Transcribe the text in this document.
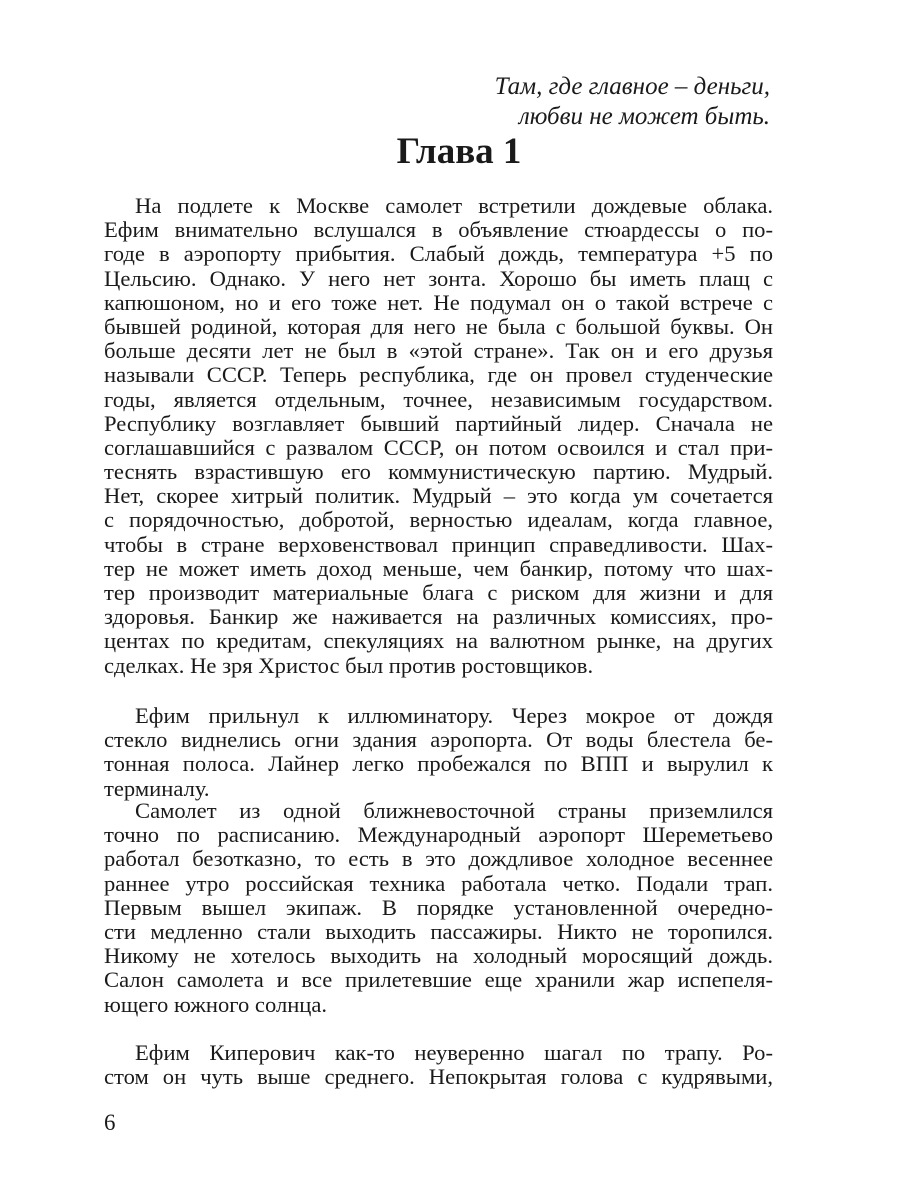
Там, где главное – деньги,
любви не может быть.
Глава 1
На подлете к Москве самолет встретили дождевые облака.
Ефим внимательно вслушался в объявление стюардессы о по-
годе в аэропорту прибытия. Слабый дождь, температура +5 по
Цельсию. Однако. У него нет зонта. Хорошо бы иметь плащ с
капюшоном, но и его тоже нет. Не подумал он о такой встрече с
бывшей родиной, которая для него не была с большой буквы. Он
больше десяти лет не был в «этой стране». Так он и его друзья
называли СССР. Теперь республика, где он провел студенческие
годы, является отдельным, точнее, независимым государством.
Республику возглавляет бывший партийный лидер. Сначала не
соглашавшийся с развалом СССР, он потом освоился и стал при-
теснять взрастившую его коммунистическую партию. Мудрый.
Нет, скорее хитрый политик. Мудрый – это когда ум сочетается
с порядочностью, добротой, верностью идеалам, когда главное,
чтобы в стране верховенствовал принцип справедливости. Шах-
тер не может иметь доход меньше, чем банкир, потому что шах-
тер производит материальные блага с риском для жизни и для
здоровья. Банкир же наживается на различных комиссиях, про-
центах по кредитам, спекуляциях на валютном рынке, на других
сделках. Не зря Христос был против ростовщиков.
Ефим прильнул к иллюминатору. Через мокрое от дождя
стекло виднелись огни здания аэропорта. От воды блестела бе-
тонная полоса. Лайнер легко пробежался по ВПП и вырулил к
терминалу.
Самолет из одной ближневосточной страны приземлился
точно по расписанию. Международный аэропорт Шереметьево
работал безотказно, то есть в это дождливое холодное весеннее
раннее утро российская техника работала четко. Подали трап.
Первым вышел экипаж. В порядке установленной очередно-
сти медленно стали выходить пассажиры. Никто не торопился.
Никому не хотелось выходить на холодный моросящий дождь.
Салон самолета и все прилетевшие еще хранили жар испепеля-
ющего южного солнца.
Ефим Киперович как-то неуверенно шагал по трапу. Ро-
стом он чуть выше среднего. Непокрытая голова с кудрявыми,
6
